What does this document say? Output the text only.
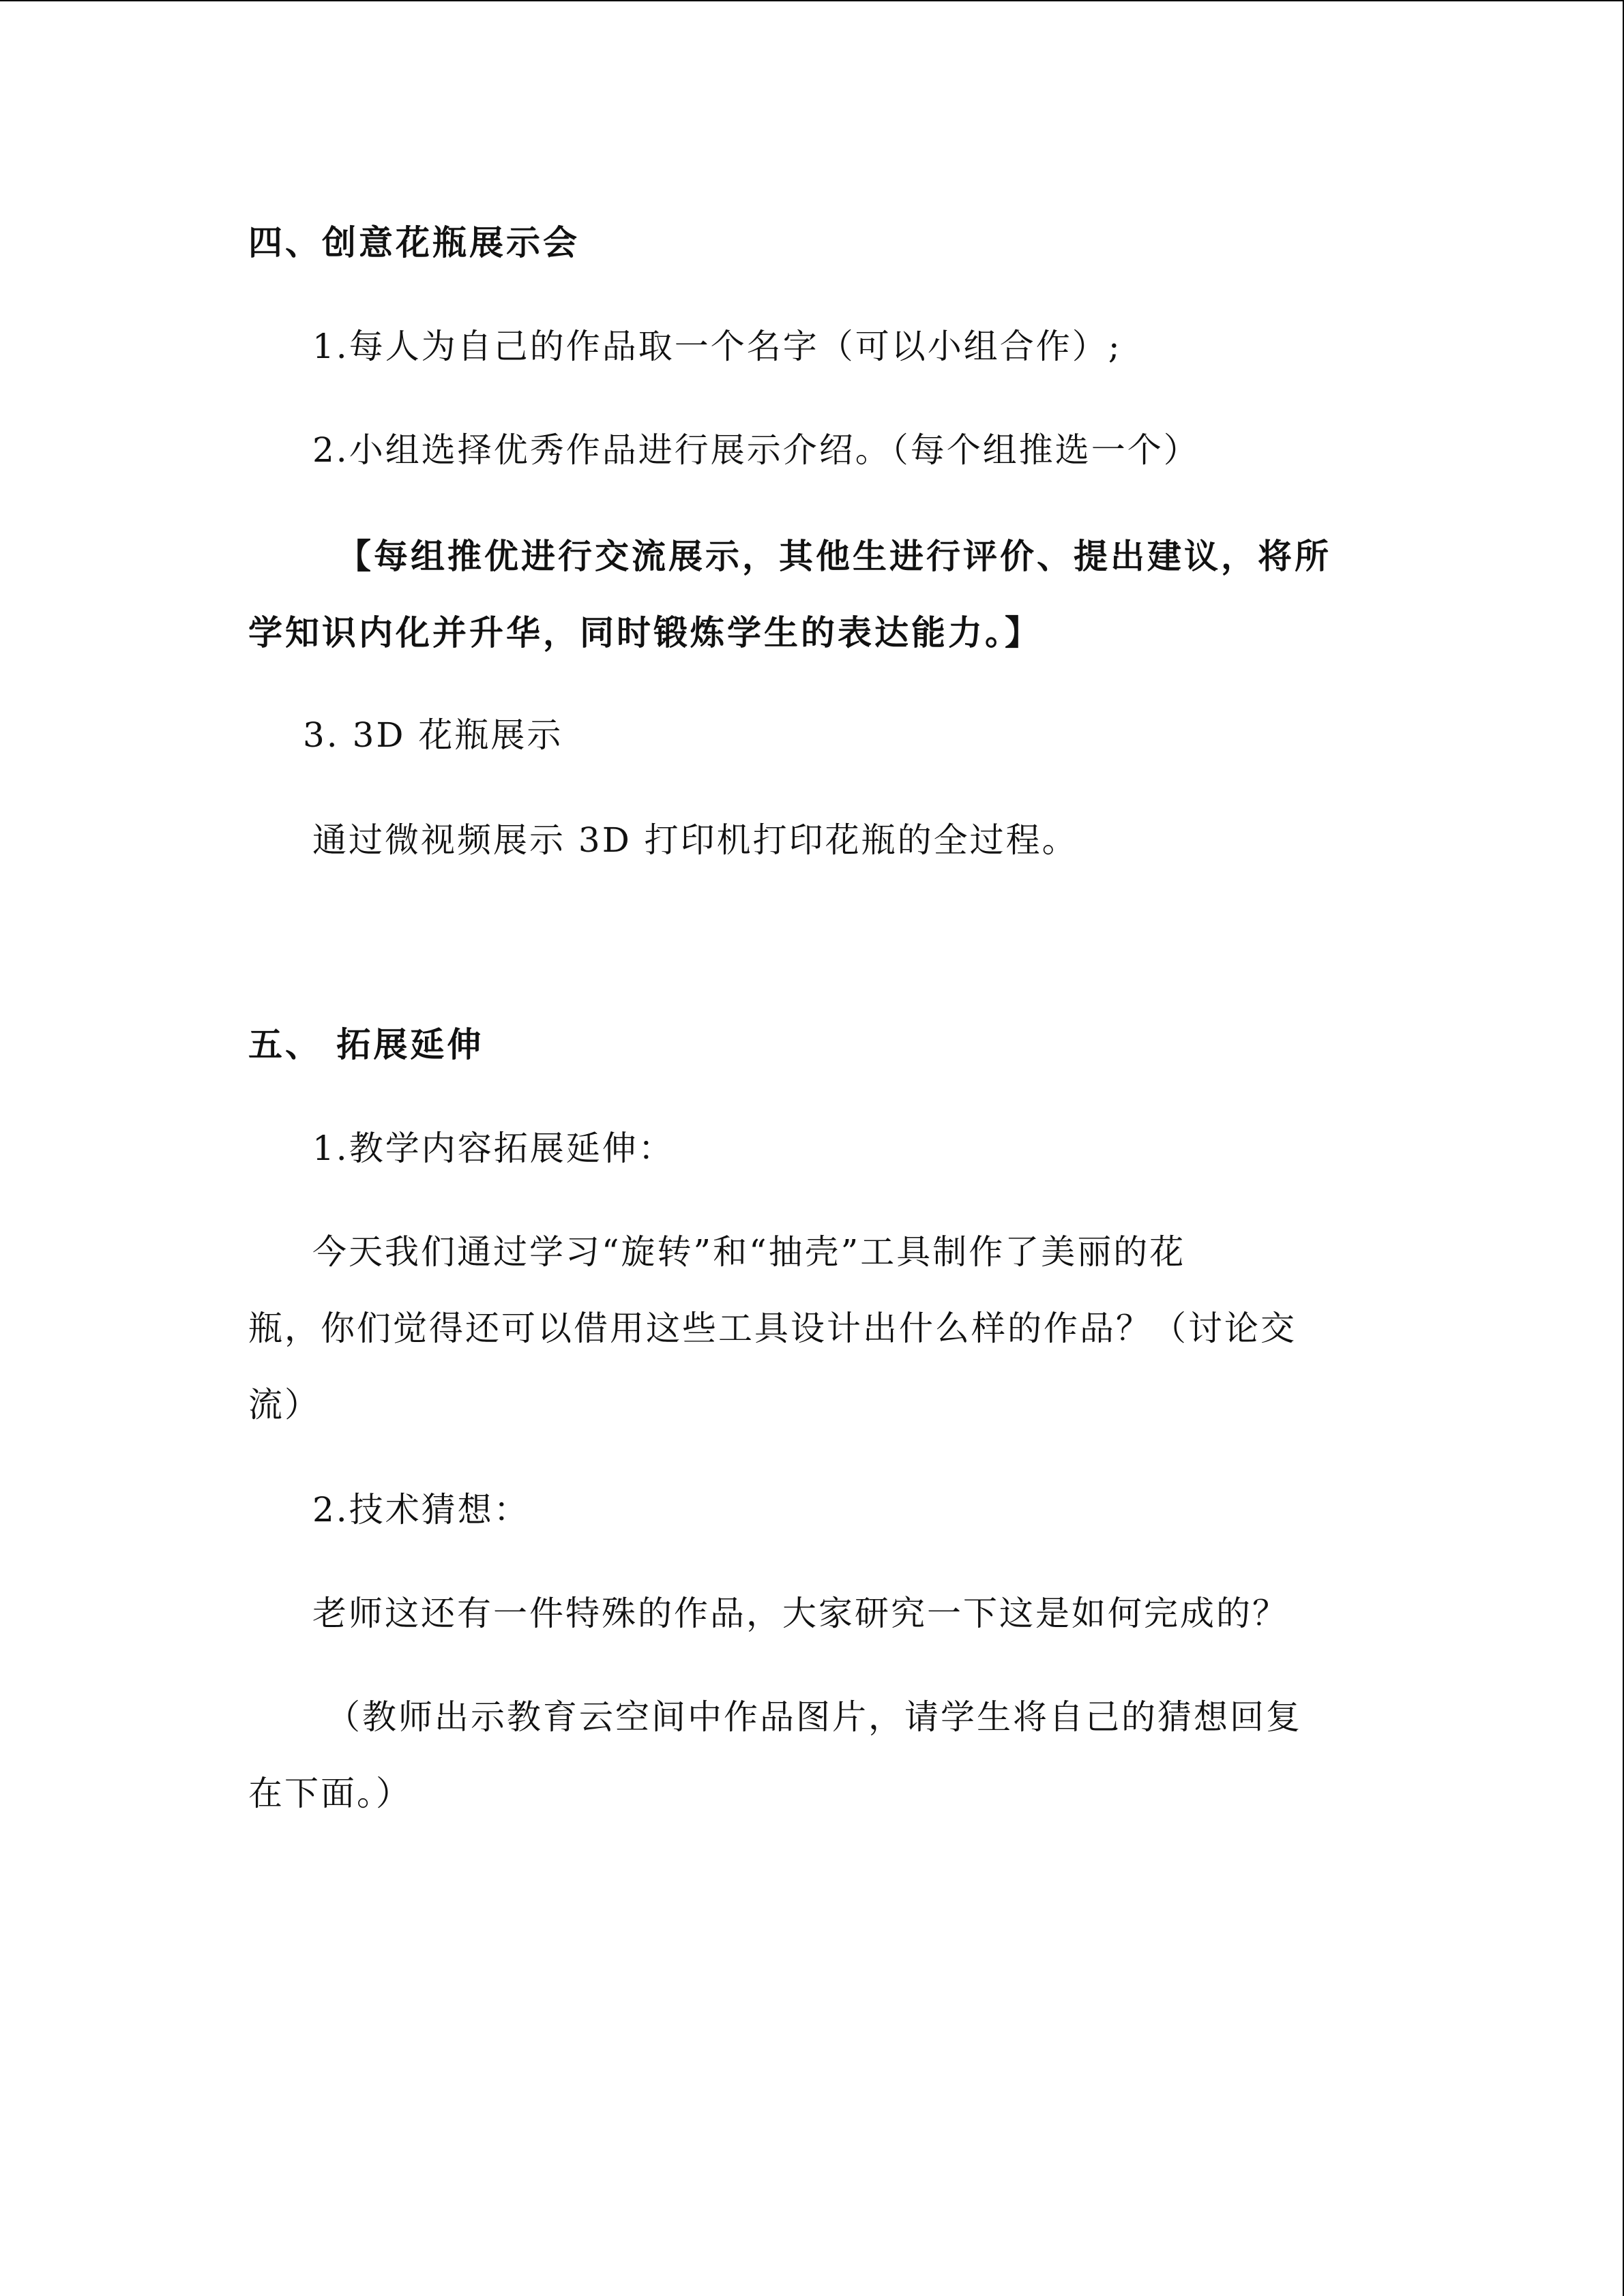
四、创意花瓶展示会
1.每人为自己的作品取一个名字（可以小组合作）;
2.小组选择优秀作品进行展示介绍。（每个组推选一个）
【每组推优进行交流展示，其他生进行评价、提出建议，将所
学知识内化并升华，同时锻炼学生的表达能力。】
3. 3D 花瓶展示
通过微视频展示 3D 打印机打印花瓶的全过程。
五、 拓展延伸
1.教学内容拓展延伸：
今天我们通过学习“旋转”和“抽壳”工具制作了美丽的花
瓶，你们觉得还可以借用这些工具设计出什么样的作品？（讨论交
流）
2.技术猜想：
老师这还有一件特殊的作品，大家研究一下这是如何完成的？
（教师出示教育云空间中作品图片，请学生将自己的猜想回复
在下面。）
